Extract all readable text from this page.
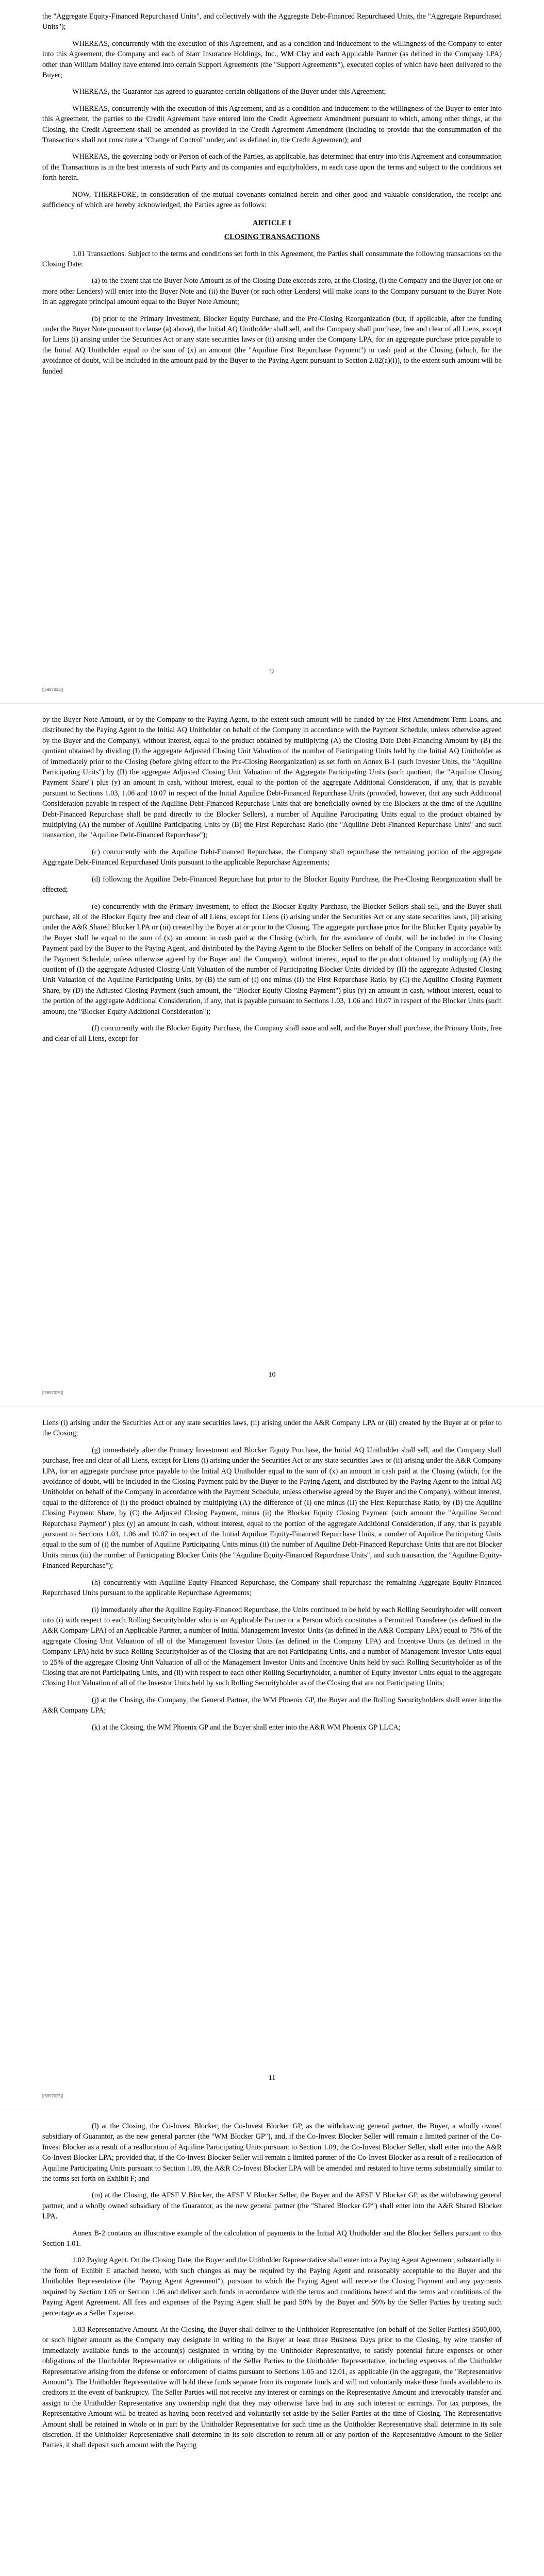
the "Aggregate Equity-Financed Repurchased Units", and collectively with the Aggregate Debt-Financed Repurchased Units, the "Aggregate Repurchased Units");

WHEREAS, concurrently with the execution of this Agreement, and as a condition and inducement to the willingness of the Company to enter into this Agreement, the Company and each of Starr Insurance Holdings, Inc., WM Clay and each Applicable Partner (as defined in the Company LPA) other than William Malloy have entered into certain Support Agreements (the "Support Agreements"), executed copies of which have been delivered to the Buyer;

WHEREAS, the Guarantor has agreed to guarantee certain obligations of the Buyer under this Agreement;

WHEREAS, concurrently with the execution of this Agreement, and as a condition and inducement to the willingness of the Buyer to enter into this Agreement, the parties to the Credit Agreement have entered into the Credit Agreement Amendment pursuant to which, among other things, at the Closing, the Credit Agreement shall be amended as provided in the Credit Agreement Amendment (including to provide that the consummation of the Transactions shall not constitute a "Change of Control" under, and as defined in, the Credit Agreement); and

WHEREAS, the governing body or Person of each of the Parties, as applicable, has determined that entry into this Agreement and consummation of the Transactions is in the best interests of such Party and its companies and equityholders, in each case upon the terms and subject to the conditions set forth herein.

NOW, THEREFORE, in consideration of the mutual covenants contained herein and other good and valuable consideration, the receipt and sufficiency of which are hereby acknowledged, the Parties agree as follows:

ARTICLE I
CLOSING TRANSACTIONS

1.01 Transactions. Subject to the terms and conditions set forth in this Agreement, the Parties shall consummate the following transactions on the Closing Date:

(a) to the extent that the Buyer Note Amount as of the Closing Date exceeds zero, at the Closing, (i) the Company and the Buyer (or one or more other Lenders) will enter into the Buyer Note and (ii) the Buyer (or such other Lenders) will make loans to the Company pursuant to the Buyer Note in an aggregate principal amount equal to the Buyer Note Amount;

(b) prior to the Primary Investment, Blocker Equity Purchase, and the Pre-Closing Reorganization (but, if applicable, after the funding under the Buyer Note pursuant to clause (a) above), the Initial AQ Unitholder shall sell, and the Company shall purchase, free and clear of all Liens, except for Liens (i) arising under the Securities Act or any state securities laws or (ii) arising under the Company LPA, for an aggregate purchase price payable to the Initial AQ Unitholder equal to the sum of (x) an amount (the "Aquiline First Repurchase Payment") in cash paid at the Closing (which, for the avoidance of doubt, will be included in the amount paid by the Buyer to the Paying Agent pursuant to Section 2.02(a)(i)), to the extent such amount will be funded

9
[[5897025]]

by the Buyer Note Amount, or by the Company to the Paying Agent, to the extent such amount will be funded by the First Amendment Term Loans, and distributed by the Paying Agent to the Initial AQ Unitholder on behalf of the Company in accordance with the Payment Schedule, unless otherwise agreed by the Buyer and the Company), without interest, equal to the product obtained by multiplying (A) the Closing Date Debt-Financing Amount by (B) the quotient obtained by dividing (I) the aggregate Adjusted Closing Unit Valuation of the number of Participating Units held by the Initial AQ Unitholder as of immediately prior to the Closing (before giving effect to the Pre-Closing Reorganization) as set forth on Annex B-1 (such Investor Units, the "Aquiline Participating Units") by (II) the aggregate Adjusted Closing Unit Valuation of the Aggregate Participating Units (such quotient, the "Aquiline Closing Payment Share") plus (y) an amount in cash, without interest, equal to the portion of the aggregate Additional Consideration, if any, that is payable pursuant to Sections 1.03, 1.06 and 10.07 in respect of the Initial Aquiline Debt-Financed Repurchase Units (provided, however, that any such Additional Consideration payable in respect of the Aquiline Debt-Financed Repurchase Units that are beneficially owned by the Blockers at the time of the Aquiline Debt-Financed Repurchase shall be paid directly to the Blocker Sellers), a number of Aquiline Participating Units equal to the product obtained by multiplying (A) the number of Aquiline Participating Units by (B) the First Repurchase Ratio (the "Aquiline Debt-Financed Repurchase Units" and such transaction, the "Aquiline Debt-Financed Repurchase");

(c) concurrently with the Aquiline Debt-Financed Repurchase, the Company shall repurchase the remaining portion of the aggregate Aggregate Debt-Financed Repurchased Units pursuant to the applicable Repurchase Agreements;

(d) following the Aquiline Debt-Financed Repurchase but prior to the Blocker Equity Purchase, the Pre-Closing Reorganization shall be effected;

(e) concurrently with the Primary Investment, to effect the Blocker Equity Purchase, the Blocker Sellers shall sell, and the Buyer shall purchase, all of the Blocker Equity free and clear of all Liens, except for Liens (i) arising under the Securities Act or any state securities laws, (ii) arising under the A&R Shared Blocker LPA or (iii) created by the Buyer at or prior to the Closing. The aggregate purchase price for the Blocker Equity payable by the Buyer shall be equal to the sum of (x) an amount in cash paid at the Closing (which, for the avoidance of doubt, will be included in the Closing Payment paid by the Buyer to the Paying Agent, and distributed by the Paying Agent to the Blocker Sellers on behalf of the Company in accordance with the Payment Schedule, unless otherwise agreed by the Buyer and the Company), without interest, equal to the product obtained by multiplying (A) the quotient of (I) the aggregate Adjusted Closing Unit Valuation of the number of Participating Blocker Units divided by (II) the aggregate Adjusted Closing Unit Valuation of the Aquiline Participating Units, by (B) the sum of (I) one minus (II) the First Repurchase Ratio, by (C) the Aquiline Closing Payment Share, by (D) the Adjusted Closing Payment (such amount, the "Blocker Equity Closing Payment") plus (y) an amount in cash, without interest, equal to the portion of the aggregate Additional Consideration, if any, that is payable pursuant to Sections 1.03, 1.06 and 10.07 in respect of the Blocker Units (such amount, the "Blocker Equity Additional Consideration");

(f) concurrently with the Blocker Equity Purchase, the Company shall issue and sell, and the Buyer shall purchase, the Primary Units, free and clear of all Liens, except for

10
[[5897025]]

Liens (i) arising under the Securities Act or any state securities laws, (ii) arising under the A&R Company LPA or (iii) created by the Buyer at or prior to the Closing;

(g) immediately after the Primary Investment and Blocker Equity Purchase, the Initial AQ Unitholder shall sell, and the Company shall purchase, free and clear of all Liens, except for Liens (i) arising under the Securities Act or any state securities laws or (ii) arising under the A&R Company LPA, for an aggregate purchase price payable to the Initial AQ Unitholder equal to the sum of (x) an amount in cash paid at the Closing (which, for the avoidance of doubt, will be included in the Closing Payment paid by the Buyer to the Paying Agent, and distributed by the Paying Agent to the Initial AQ Unitholder on behalf of the Company in accordance with the Payment Schedule, unless otherwise agreed by the Buyer and the Company), without interest, equal to the difference of (i) the product obtained by multiplying (A) the difference of (I) one minus (II) the First Repurchase Ratio, by (B) the Aquiline Closing Payment Share, by (C) the Adjusted Closing Payment, minus (ii) the Blocker Equity Closing Payment (such amount the "Aquiline Second Repurchase Payment") plus (y) an amount in cash, without interest, equal to the portion of the aggregate Additional Consideration, if any, that is payable pursuant to Sections 1.03, 1.06 and 10.07 in respect of the Initial Aquiline Equity-Financed Repurchase Units, a number of Aquiline Participating Units equal to the sum of (i) the number of Aquiline Participating Units minus (ii) the number of Aquiline Debt-Financed Repurchase Units that are not Blocker Units minus (iii) the number of Participating Blocker Units (the "Aquiline Equity-Financed Repurchase Units", and such transaction, the "Aquiline Equity-Financed Repurchase");

(h) concurrently with Aquiline Equity-Financed Repurchase, the Company shall repurchase the remaining Aggregate Equity-Financed Repurchased Units pursuant to the applicable Repurchase Agreements;

(i) immediately after the Aquiline Equity-Financed Repurchase, the Units continued to be held by each Rolling Securityholder will convert into (i) with respect to each Rolling Securityholder who is an Applicable Partner or a Person which constitutes a Permitted Transferee (as defined in the A&R Company LPA) of an Applicable Partner, a number of Initial Management Investor Units (as defined in the A&R Company LPA) equal to 75% of the aggregate Closing Unit Valuation of all of the Management Investor Units (as defined in the Company LPA) and Incentive Units (as defined in the Company LPA) held by such Rolling Securityholder as of the Closing that are not Participating Units, and a number of Management Investor Units equal to 25% of the aggregate Closing Unit Valuation of all of the Management Investor Units and Incentive Units held by such Rolling Securityholder as of the Closing that are not Participating Units, and (ii) with respect to each other Rolling Securityholder, a number of Equity Investor Units equal to the aggregate Closing Unit Valuation of all of the Investor Units held by such Rolling Securityholder as of the Closing that are not Participating Units;

(j) at the Closing, the Company, the General Partner, the WM Phoenix GP, the Buyer and the Rolling Securityholders shall enter into the A&R Company LPA;

(k) at the Closing, the WM Phoenix GP and the Buyer shall enter into the A&R WM Phoenix GP LLCA;

11
[[5897025]]

(l) at the Closing, the Co-Invest Blocker, the Co-Invest Blocker GP, as the withdrawing general partner, the Buyer, a wholly owned subsidiary of Guarantor, as the new general partner (the "WM Blocker GP"), and, if the Co-Invest Blocker Seller will remain a limited partner of the Co-Invest Blocker as a result of a reallocation of Aquiline Participating Units pursuant to Section 1.09, the Co-Invest Blocker Seller, shall enter into the A&R Co-Invest Blocker LPA; provided that, if the Co-Invest Blocker Seller will remain a limited partner of the Co-Invest Blocker as a result of a reallocation of Aquiline Participating Units pursuant to Section 1.09, the A&R Co-Invest Blocker LPA will be amended and restated to have terms substantially similar to the terms set forth on Exhibit F; and

(m) at the Closing, the AFSF V Blocker, the AFSF V Blocker Seller, the Buyer and the AFSF V Blocker GP, as the withdrawing general partner, and a wholly owned subsidiary of the Guarantor, as the new general partner (the "Shared Blocker GP") shall enter into the A&R Shared Blocker LPA.

Annex B-2 contains an illustrative example of the calculation of payments to the Initial AQ Unitholder and the Blocker Sellers pursuant to this Section 1.01.

1.02 Paying Agent. On the Closing Date, the Buyer and the Unitholder Representative shall enter into a Paying Agent Agreement, substantially in the form of Exhibit E attached hereto, with such changes as may be required by the Paying Agent and reasonably acceptable to the Buyer and the Unitholder Representative (the "Paying Agent Agreement"), pursuant to which the Paying Agent will receive the Closing Payment and any payments required by Section 1.05 or Section 1.06 and deliver such funds in accordance with the terms and conditions hereof and the terms and conditions of the Paying Agent Agreement. All fees and expenses of the Paying Agent shall be paid 50% by the Buyer and 50% by the Seller Parties by treating such percentage as a Seller Expense.

1.03 Representative Amount. At the Closing, the Buyer shall deliver to the Unitholder Representative (on behalf of the Seller Parties) $500,000, or such higher amount as the Company may designate in writing to the Buyer at least three Business Days prior to the Closing, by wire transfer of immediately available funds to the account(s) designated in writing by the Unitholder Representative, to satisfy potential future expenses or other obligations of the Unitholder Representative or obligations of the Seller Parties to the Unitholder Representative, including expenses of the Unitholder Representative arising from the defense or enforcement of claims pursuant to Sections 1.05 and 12.01, as applicable (in the aggregate, the "Representative Amount"). The Unitholder Representative will hold these funds separate from its corporate funds and will not voluntarily make these funds available to its creditors in the event of bankruptcy. The Seller Parties will not receive any interest or earnings on the Representative Amount and irrevocably transfer and assign to the Unitholder Representative any ownership right that they may otherwise have had in any such interest or earnings. For tax purposes, the Representative Amount will be treated as having been received and voluntarily set aside by the Seller Parties at the time of Closing. The Representative Amount shall be retained in whole or in part by the Unitholder Representative for such time as the Unitholder Representative shall determine in its sole discretion. If the Unitholder Representative shall determine in its sole discretion to return all or any portion of the Representative Amount to the Seller Parties, it shall deposit such amount with the Paying
